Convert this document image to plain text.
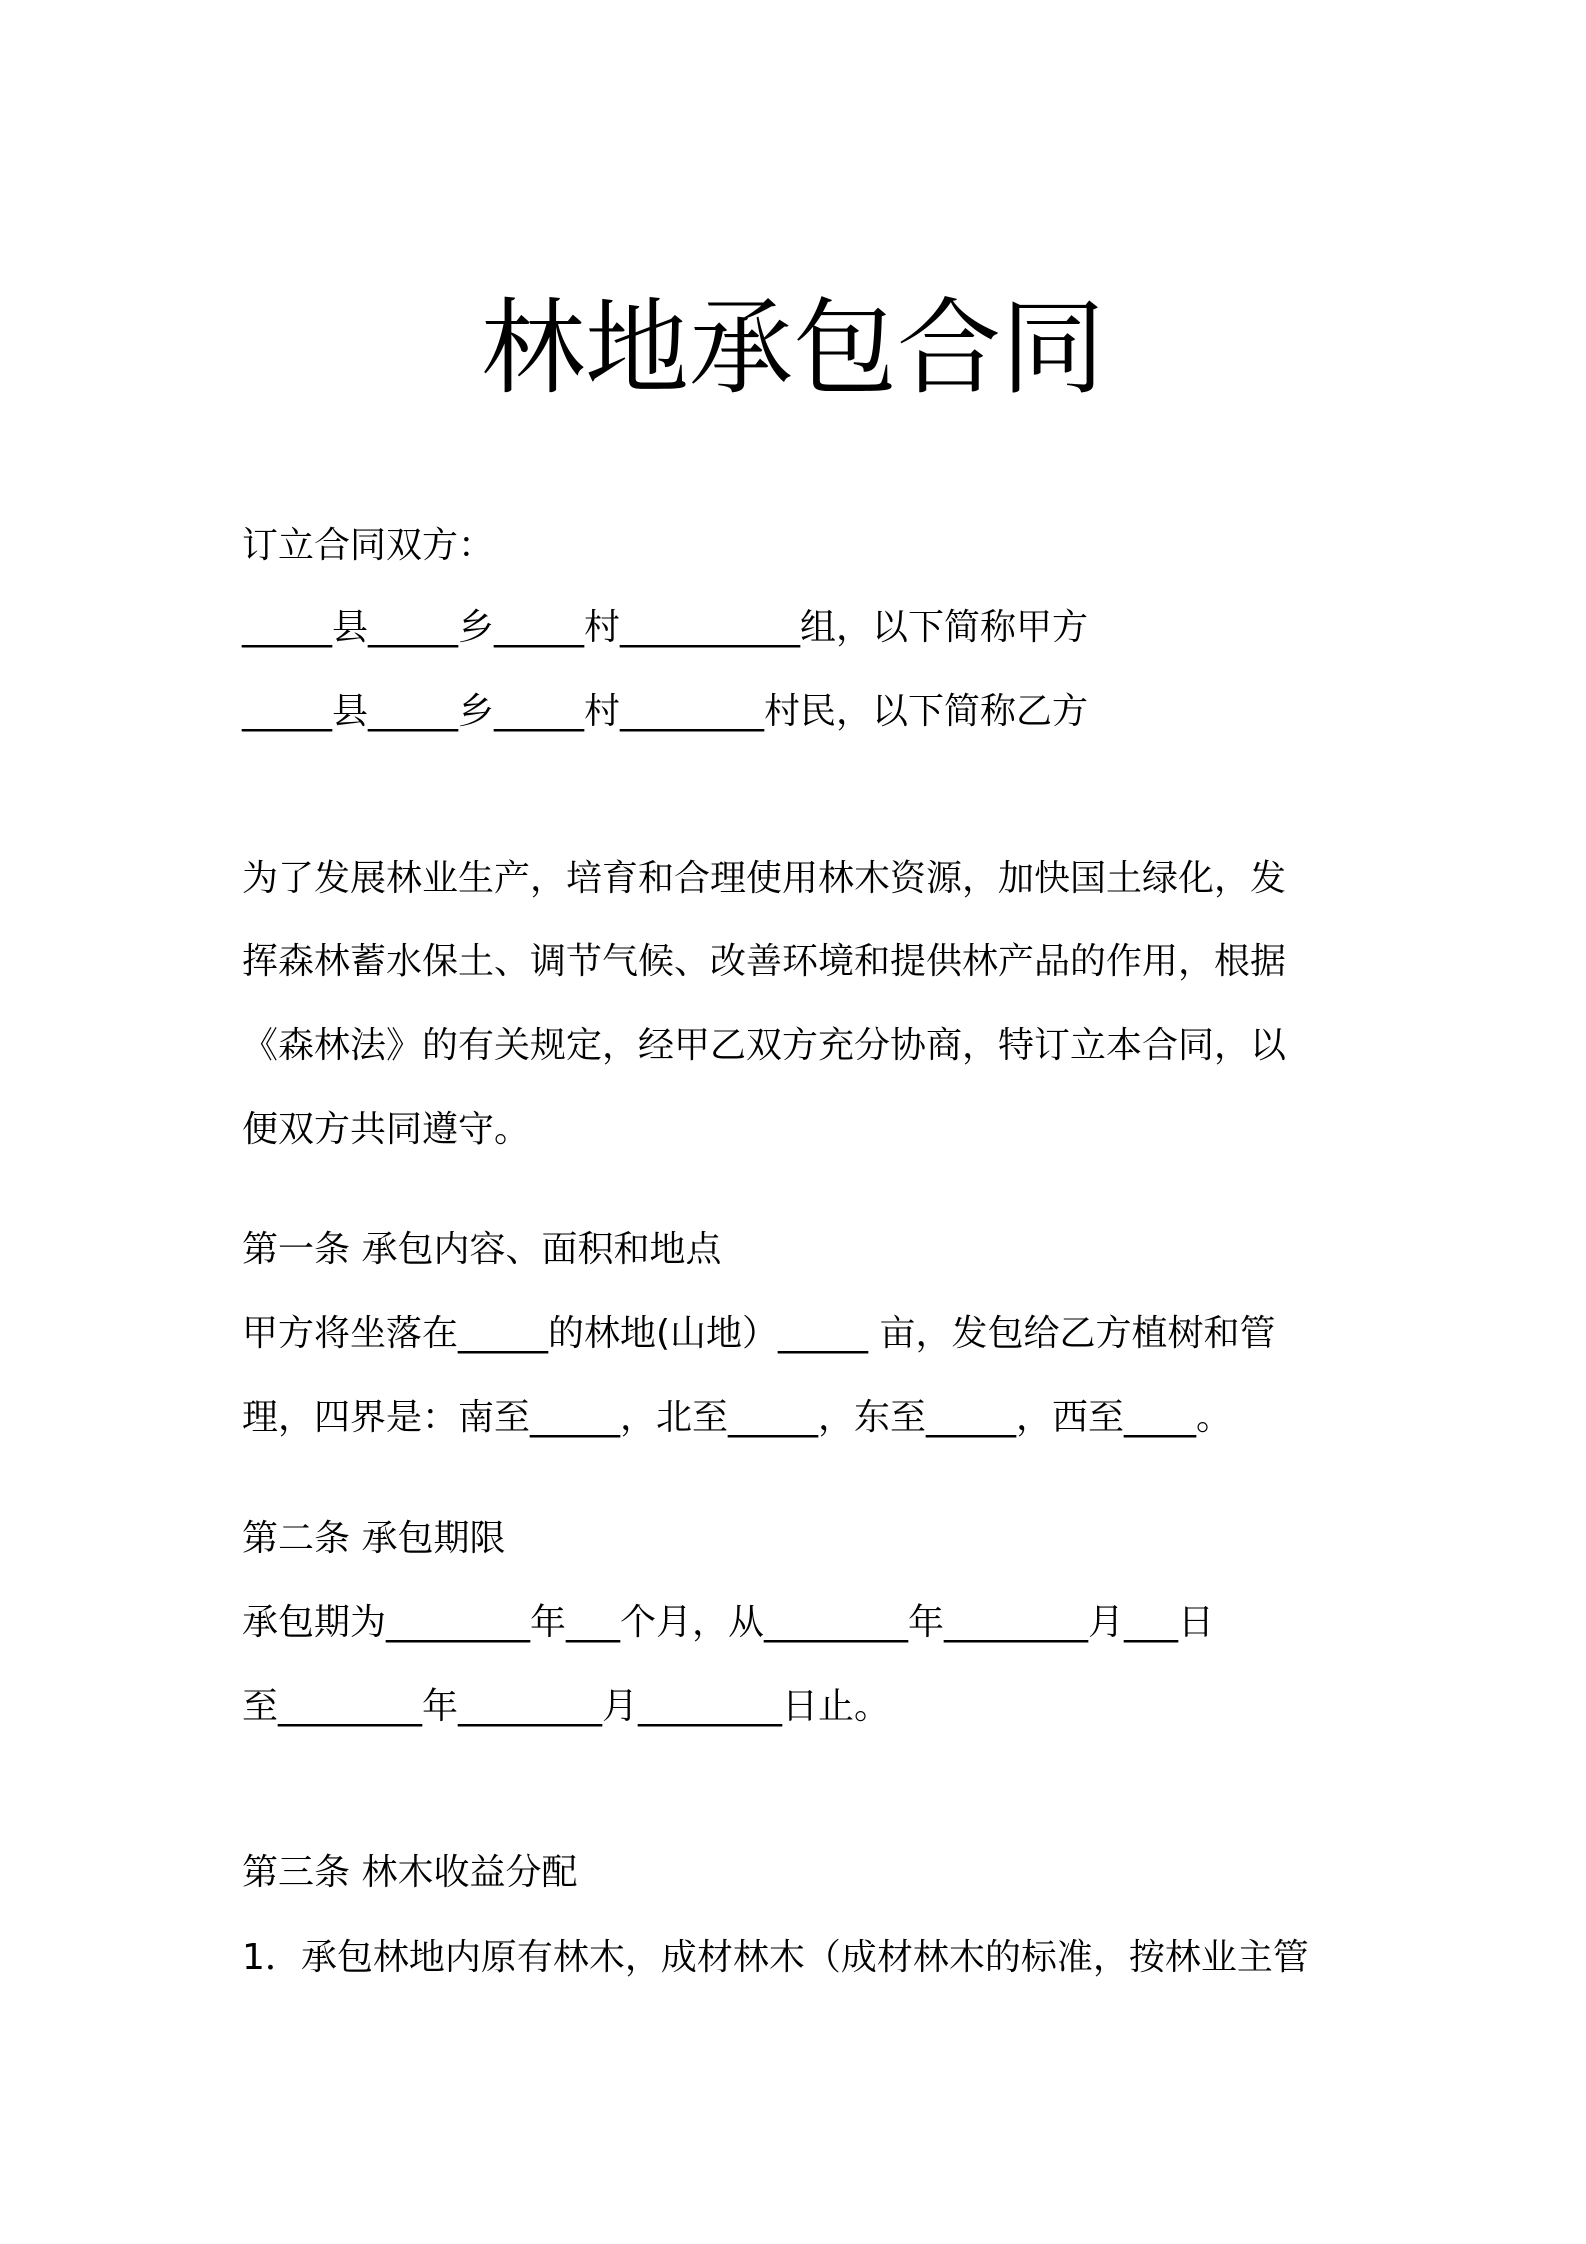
林地承包合同

订立合同双方：

_____县_____乡_____村__________组，以下简称甲方

_____县_____乡_____村________村民，以下简称乙方

为了发展林业生产，培育和合理使用林木资源，加快国土绿化，发

挥森林蓄水保土、调节气候、改善环境和提供林产品的作用，根据

《森林法》的有关规定，经甲乙双方充分协商，特订立本合同，以

便双方共同遵守。

第一条 承包内容、面积和地点

甲方将坐落在_____的林地(山地）_____ 亩，发包给乙方植树和管

理，四界是：南至_____，北至_____，东至_____，西至____。

第二条 承包期限

承包期为________年___个月，从________年________月___日

至________年________月________日止。

第三条 林木收益分配

1．承包林地内原有林木，成材林木（成材林木的标准，按林业主管
